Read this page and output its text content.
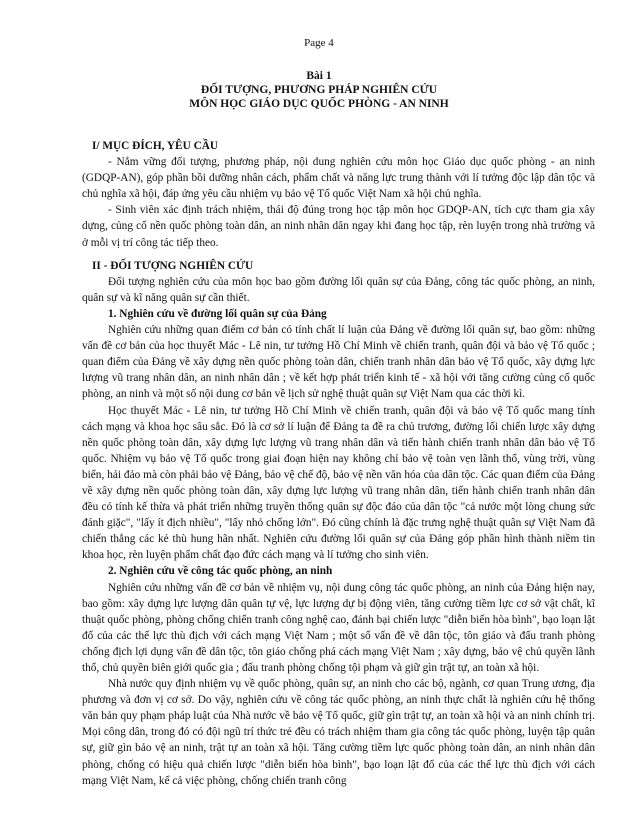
Page 4
Bài 1
ĐỐI TƯỢNG, PHƯƠNG PHÁP NGHIÊN CỨU
MÔN HỌC GIÁO DỤC QUỐC PHÒNG - AN NINH

I/ MỤC ĐÍCH, YÊU CẦU

- Nắm vững đối tượng, phương pháp, nội dung nghiên cứu môn học Giáo dục quốc phòng - an ninh (GDQP-AN), góp phần bồi dưỡng nhân cách, phẩm chất và năng lực trung thành với lí tưởng độc lập dân tộc và chủ nghĩa xã hội, đáp ứng yêu cầu nhiệm vụ bảo vệ Tổ quốc Việt Nam xã hội chủ nghĩa.

- Sinh viên xác định trách nhiệm, thái độ đúng trong học tập môn học GDQP-AN, tích cực tham gia xây dựng, củng cố nền quốc phòng toàn dân, an ninh nhân dân ngay khi đang học tập, rèn luyện trong nhà trường và ở mỗi vị trí công tác tiếp theo.

II - ĐỐI TƯỢNG NGHIÊN CỨU

Đối tượng nghiên cứu của môn học bao gồm đường lối quân sự của Đảng, công tác quốc phòng, an ninh, quân sự và kĩ năng quân sự cần thiết.

1. Nghiên cứu về đường lối quân sự của Đảng

Nghiên cứu những quan điểm cơ bản có tính chất lí luận của Đảng về đường lối quân sự, bao gồm: những vấn đề cơ bản của học thuyết Mác - Lê nin, tư tưởng Hồ Chí Minh về chiến tranh, quân đội và bảo vệ Tổ quốc ; quan điểm của Đảng về xây dựng nền quốc phòng toàn dân, chiến tranh nhân dân bảo vệ Tổ quốc, xây dựng lực lượng vũ trang nhân dân, an ninh nhân dân ; về kết hợp phát triển kinh tế - xã hội với tăng cường củng cố quốc phòng, an ninh và một số nội dung cơ bản về lịch sử nghệ thuật quân sự Việt Nam qua các thời kì.

Học thuyết Mác - Lê nin, tư tưởng Hồ Chí Minh về chiến tranh, quân đội và bảo vệ Tổ quốc mang tính cách mạng và khoa học sâu sắc. Đó là cơ sở lí luận để Đảng ta đề ra chủ trương, đường lối chiến lược xây dựng nền quốc phòng toàn dân, xây dựng lực lượng vũ trang nhân dân và tiến hành chiến tranh nhân dân bảo vệ Tổ quốc. Nhiệm vụ bảo vệ Tổ quốc trong giai đoạn hiện nay không chỉ bảo vệ toàn vẹn lãnh thổ, vùng trời, vùng biển, hải đảo mà còn phải bảo vệ Đảng, bảo vệ chế độ, bảo vệ nền văn hóa của dân tộc. Các quan điểm của Đảng về xây dựng nền quốc phòng toàn dân, xây dựng lực lượng vũ trang nhân dân, tiến hành chiến tranh nhân dân đều có tính kế thừa và phát triển những truyền thống quân sự độc đáo của dân tộc "cả nước một lòng chung sức đánh giặc", "lấy ít địch nhiều", "lấy nhỏ chống lớn". Đó cũng chính là đặc trưng nghệ thuật quân sự Việt Nam đã chiến thắng các kẻ thù hung hãn nhất. Nghiên cứu đường lối quân sự của Đảng góp phần hình thành niềm tin khoa học, rèn luyện phẩm chất đạo đức cách mạng và lí tưởng cho sinh viên.

2. Nghiên cứu về công tác quốc phòng, an ninh

Nghiên cứu những vấn đề cơ bản về nhiệm vụ, nội dung công tác quốc phòng, an ninh của Đảng hiện nay, bao gồm: xây dựng lực lượng dân quân tự vệ, lực lượng dự bị động viên, tăng cường tiềm lực cơ sở vật chất, kĩ thuật quốc phòng, phòng chống chiến tranh công nghệ cao, đánh bại chiến lược "diễn biến hòa bình", bạo loạn lật đổ của các thế lực thù địch với cách mạng Việt Nam ; một số vấn đề về dân tộc, tôn giáo và đấu tranh phòng chống địch lợi dụng vấn đề dân tộc, tôn giáo chống phá cách mạng Việt Nam ; xây dựng, bảo vệ chủ quyền lãnh thổ, chủ quyền biên giới quốc gia ; đấu tranh phòng chống tội phạm và giữ gìn trật tự, an toàn xã hội.

Nhà nước quy định nhiệm vụ về quốc phòng, quân sự, an ninh cho các bộ, ngành, cơ quan Trung ương, địa phương và đơn vị cơ sở. Do vậy, nghiên cứu về công tác quốc phòng, an ninh thực chất là nghiên cứu hệ thống văn bản quy phạm pháp luật của Nhà nước về bảo vệ Tổ quốc, giữ gìn trật tự, an toàn xã hội và an ninh chính trị. Mọi công dân, trong đó có đội ngũ trí thức trẻ đều có trách nhiệm tham gia công tác quốc phòng, luyện tập quân sự, giữ gìn bảo vệ an ninh, trật tự an toàn xã hội. Tăng cường tiềm lực quốc phòng toàn dân, an ninh nhân dân phòng, chống có hiệu quả chiến lược "diễn biến hòa bình", bạo loạn lật đổ của các thế lực thù địch với cách mạng Việt Nam, kể cả việc phòng, chống chiến tranh công
